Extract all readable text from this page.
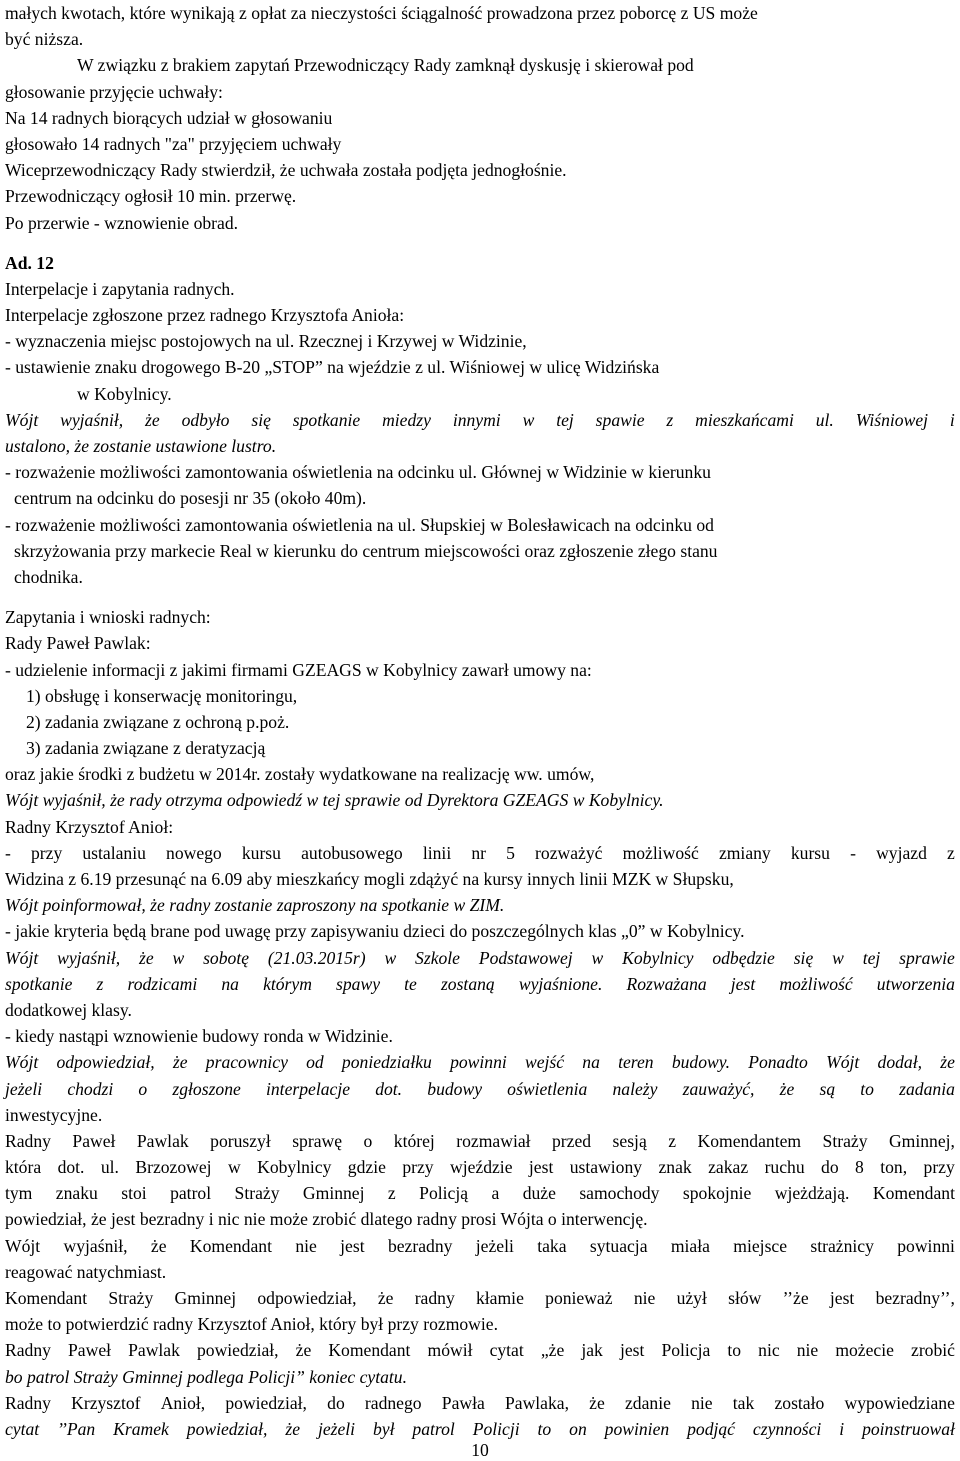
małych kwotach, które wynikają z opłat za nieczystości ściągalność prowadzona przez poborcę z US może
być niższa.
W związku z brakiem zapytań Przewodniczący Rady zamknął dyskusję i skierował pod
głosowanie przyjęcie uchwały:
Na 14 radnych biorących udział w głosowaniu
głosowało 14 radnych "za" przyjęciem uchwały
Wiceprzewodniczący Rady stwierdził, że uchwała została podjęta jednogłośnie.
Przewodniczący ogłosił 10 min. przerwę.
Po przerwie - wznowienie obrad.
Ad. 12
Interpelacje i zapytania radnych.
Interpelacje zgłoszone przez radnego Krzysztofa Anioła:
- wyznaczenia miejsc postojowych na ul. Rzecznej i Krzywej w Widzinie,
- ustawienie znaku drogowego B-20 „STOP” na wjeździe z ul. Wiśniowej w ulicę Widzińska
w Kobylnicy.
Wójt wyjaśnił, że odbyło się spotkanie miedzy innymi w tej spawie z mieszkańcami ul. Wiśniowej i
ustalono, że zostanie ustawione lustro.
- rozważenie możliwości zamontowania oświetlenia na odcinku ul. Głównej w Widzinie w kierunku
centrum na odcinku do posesji nr 35 (około 40m).
- rozważenie możliwości zamontowania oświetlenia na ul. Słupskiej w Bolesławicach na odcinku od
skrzyżowania przy markecie Real w kierunku do centrum miejscowości oraz zgłoszenie złego stanu
chodnika.
Zapytania i wnioski radnych:
Rady Paweł Pawlak:
- udzielenie informacji z jakimi firmami GZEAGS w Kobylnicy zawarł umowy na:
1) obsługę i konserwację monitoringu,
2) zadania związane z ochroną p.poż.
3) zadania związane z deratyzacją
oraz jakie środki z budżetu w 2014r. zostały wydatkowane na realizację ww. umów,
Wójt wyjaśnił, że rady otrzyma odpowiedź w tej sprawie od Dyrektora GZEAGS w Kobylnicy.
Radny Krzysztof Anioł:
- przy ustalaniu nowego kursu autobusowego linii nr 5 rozważyć możliwość zmiany kursu - wyjazd z
Widzina z 6.19 przesunąć na 6.09 aby mieszkańcy mogli zdążyć na kursy innych linii MZK w Słupsku,
Wójt poinformował, że radny zostanie zaproszony na spotkanie w ZIM.
- jakie kryteria będą brane pod uwagę przy zapisywaniu dzieci do poszczególnych klas „0” w Kobylnicy.
Wójt wyjaśnił, że w sobotę (21.03.2015r) w Szkole Podstawowej w Kobylnicy odbędzie się w tej sprawie
spotkanie z rodzicami na którym spawy te zostaną wyjaśnione. Rozważana jest możliwość utworzenia
dodatkowej klasy.
- kiedy nastąpi wznowienie budowy ronda w Widzinie.
Wójt odpowiedział, że pracownicy od poniedziałku powinni wejść na teren budowy. Ponadto Wójt dodał, że
jeżeli chodzi o zgłoszone interpelacje dot. budowy oświetlenia należy zauważyć, że są to zadania
inwestycyjne.
Radny Paweł Pawlak poruszył sprawę o której rozmawiał przed sesją z Komendantem Straży Gminnej,
która dot. ul. Brzozowej w Kobylnicy gdzie przy wjeździe jest ustawiony znak zakaz ruchu do 8 ton, przy
tym znaku stoi patrol Straży Gminnej z Policją a duże samochody spokojnie wjeżdżają. Komendant
powiedział, że jest bezradny i nic nie może zrobić dlatego radny prosi Wójta o interwencję.
Wójt wyjaśnił, że Komendant nie jest bezradny jeżeli taka sytuacja miała miejsce strażnicy powinni
reagować natychmiast.
Komendant Straży Gminnej odpowiedział, że radny kłamie ponieważ nie użył słów ’’że jest bezradny’’,
może to potwierdzić radny Krzysztof Anioł, który był przy rozmowie.
Radny Paweł Pawlak powiedział, że Komendant mówił cytat „że jak jest Policja to nic nie możecie zrobić
bo patrol Straży Gminnej podlega Policji” koniec cytatu.
Radny Krzysztof Anioł, powiedział, do radnego Pawła Pawlaka, że zdanie nie tak zostało wypowiedziane
cytat ’’Pan Kramek powiedział, że jeżeli był patrol Policji to on powinien podjąć czynności i poinstruował
10
